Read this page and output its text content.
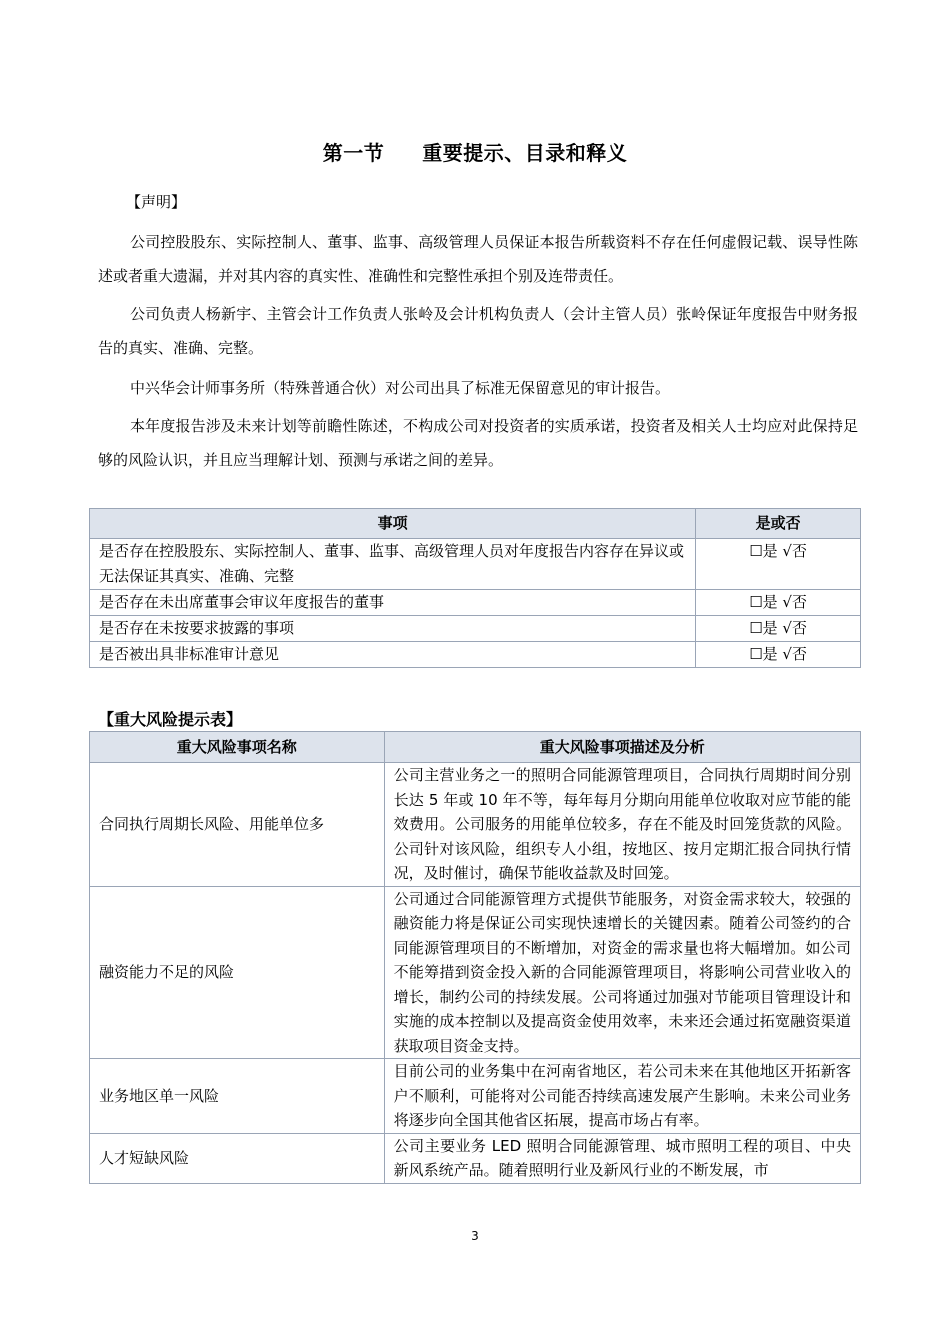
第一节 重要提示、目录和释义
【声明】
公司控股股东、实际控制人、董事、监事、高级管理人员保证本报告所载资料不存在任何虚假记载、误导性陈述或者重大遗漏，并对其内容的真实性、准确性和完整性承担个别及连带责任。
公司负责人杨新宇、主管会计工作负责人张岭及会计机构负责人（会计主管人员）张岭保证年度报告中财务报告的真实、准确、完整。
中兴华会计师事务所（特殊普通合伙）对公司出具了标准无保留意见的审计报告。
本年度报告涉及未来计划等前瞻性陈述，不构成公司对投资者的实质承诺，投资者及相关人士均应对此保持足够的风险认识，并且应当理解计划、预测与承诺之间的差异。
事项	是或否
是否存在控股股东、实际控制人、董事、监事、高级管理人员对年度报告内容存在异议或无法保证其真实、准确、完整	☐是 √否
是否存在未出席董事会审议年度报告的董事	☐是 √否
是否存在未按要求披露的事项	☐是 √否
是否被出具非标准审计意见	☐是 √否
【重大风险提示表】
重大风险事项名称	重大风险事项描述及分析
合同执行周期长风险、用能单位多	公司主营业务之一的照明合同能源管理项目，合同执行周期时间分别长达 5 年或 10 年不等，每年每月分期向用能单位收取对应节能的能效费用。公司服务的用能单位较多，存在不能及时回笼货款的风险。公司针对该风险，组织专人小组，按地区、按月定期汇报合同执行情况，及时催讨，确保节能收益款及时回笼。
融资能力不足的风险	公司通过合同能源管理方式提供节能服务，对资金需求较大，较强的融资能力将是保证公司实现快速增长的关键因素。随着公司签约的合同能源管理项目的不断增加，对资金的需求量也将大幅增加。如公司不能筹措到资金投入新的合同能源管理项目，将影响公司营业收入的增长，制约公司的持续发展。公司将通过加强对节能项目管理设计和实施的成本控制以及提高资金使用效率，未来还会通过拓宽融资渠道获取项目资金支持。
业务地区单一风险	目前公司的业务集中在河南省地区，若公司未来在其他地区开拓新客户不顺利，可能将对公司能否持续高速发展产生影响。未来公司业务将逐步向全国其他省区拓展，提高市场占有率。
人才短缺风险	公司主要业务 LED 照明合同能源管理、城市照明工程的项目、中央新风系统产品。随着照明行业及新风行业的不断发展，市
3
